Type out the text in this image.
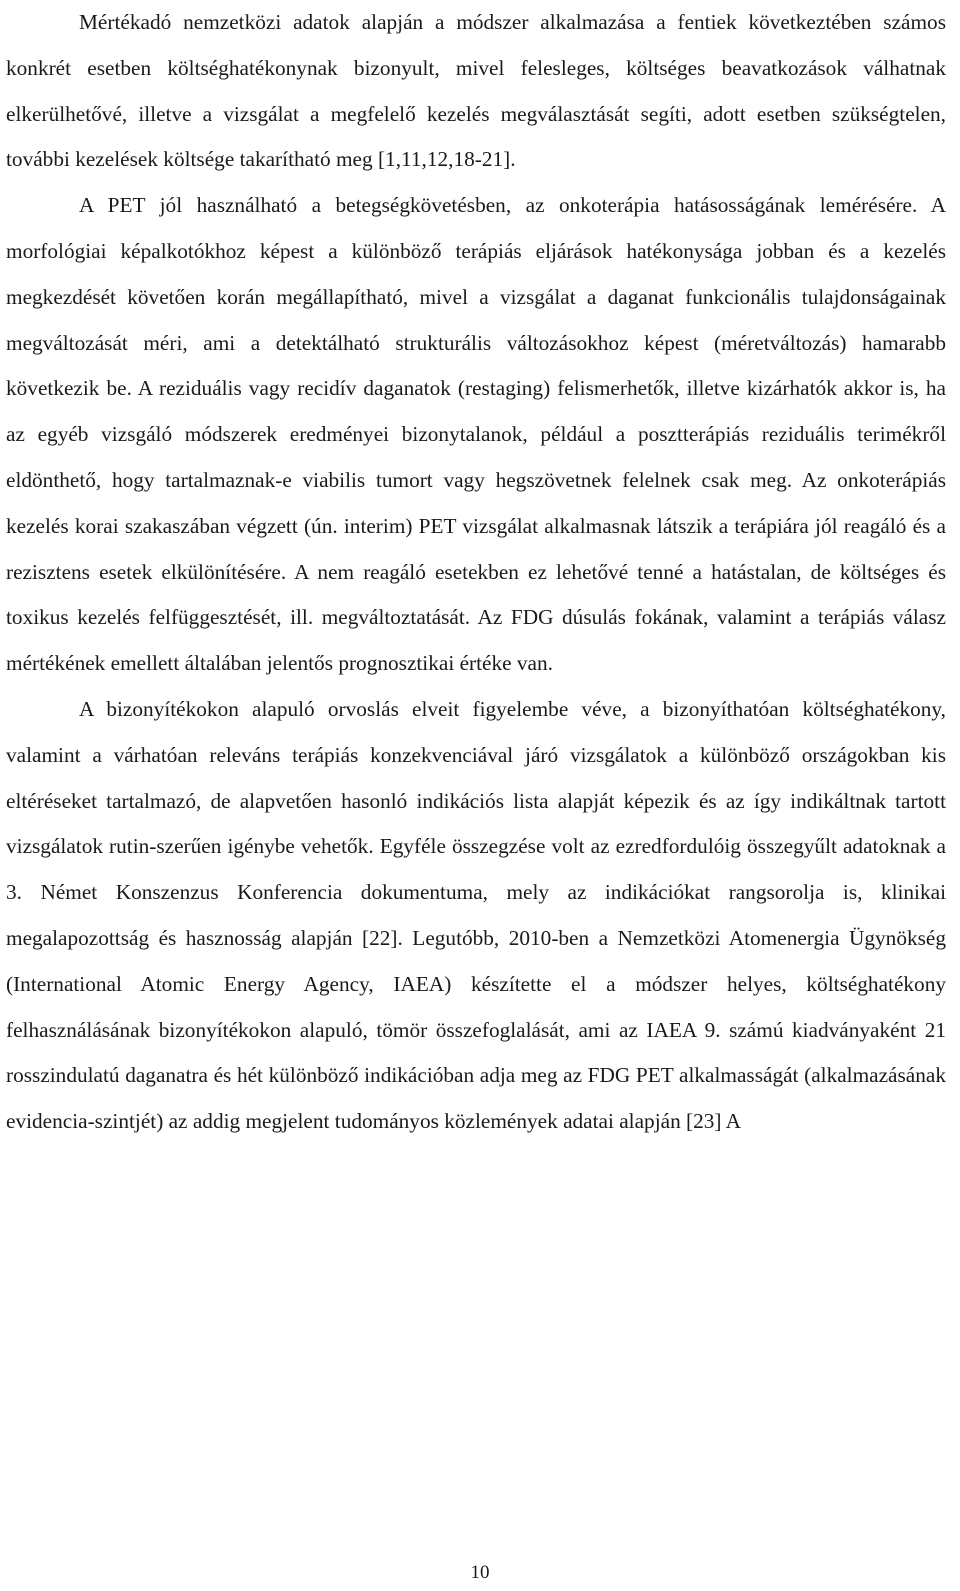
Mértékadó nemzetközi adatok alapján a módszer alkalmazása a fentiek következtében számos konkrét esetben költséghatékonynak bizonyult, mivel felesleges, költséges beavatkozások válhatnak elkerülhetővé, illetve a vizsgálat a megfelelő kezelés megválasztását segíti, adott esetben szükségtelen, további kezelések költsége takarítható meg [1,11,12,18-21].

A PET jól használható a betegségkövetésben, az onkoterápia hatásosságának lemérésére. A morfológiai képalkotókhoz képest a különböző terápiás eljárások hatékonysága jobban és a kezelés megkezdését követően korán megállapítható, mivel a vizsgálat a daganat funkcionális tulajdonságainak megváltozását méri, ami a detektálható strukturális változásokhoz képest (méretváltozás) hamarabb következik be. A reziduális vagy recidív daganatok (restaging) felismerhetők, illetve kizárhatók akkor is, ha az egyéb vizsgáló módszerek eredményei bizonytalanok, például a posztterápiás reziduális terimékről eldönthető, hogy tartalmaznak-e viabilis tumort vagy hegszövetnek felelnek csak meg. Az onkoterápiás kezelés korai szakaszában végzett (ún. interim) PET vizsgálat alkalmasnak látszik a terápiára jól reagáló és a rezisztens esetek elkülönítésére. A nem reagáló esetekben ez lehetővé tenné a hatástalan, de költséges és toxikus kezelés felfüggesztését, ill. megváltoztatását. Az FDG dúsulás fokának, valamint a terápiás válasz mértékének emellett általában jelentős prognosztikai értéke van.

A bizonyítékokon alapuló orvoslás elveit figyelembe véve, a bizonyíthatóan költséghatékony, valamint a várhatóan releváns terápiás konzekvenciával járó vizsgálatok a különböző országokban kis eltéréseket tartalmazó, de alapvetően hasonló indikációs lista alapját képezik és az így indikáltnak tartott vizsgálatok rutin-szerűen igénybe vehetők. Egyféle összegzése volt az ezredfordulóig összegyűlt adatoknak a 3. Német Konszenzus Konferencia dokumentuma, mely az indikációkat rangsorolja is, klinikai megalapozottság és hasznosság alapján [22]. Legutóbb, 2010-ben a Nemzetközi Atomenergia Ügynökség (International Atomic Energy Agency, IAEA) készítette el a módszer helyes, költséghatékony felhasználásának bizonyítékokon alapuló, tömör összefoglalását, ami az IAEA 9. számú kiadványaként 21 rosszindulatú daganatra és hét különböző indikációban adja meg az FDG PET alkalmasságát (alkalmazásának evidencia-szintjét) az addig megjelent tudományos közlemények adatai alapján [23] A

10
